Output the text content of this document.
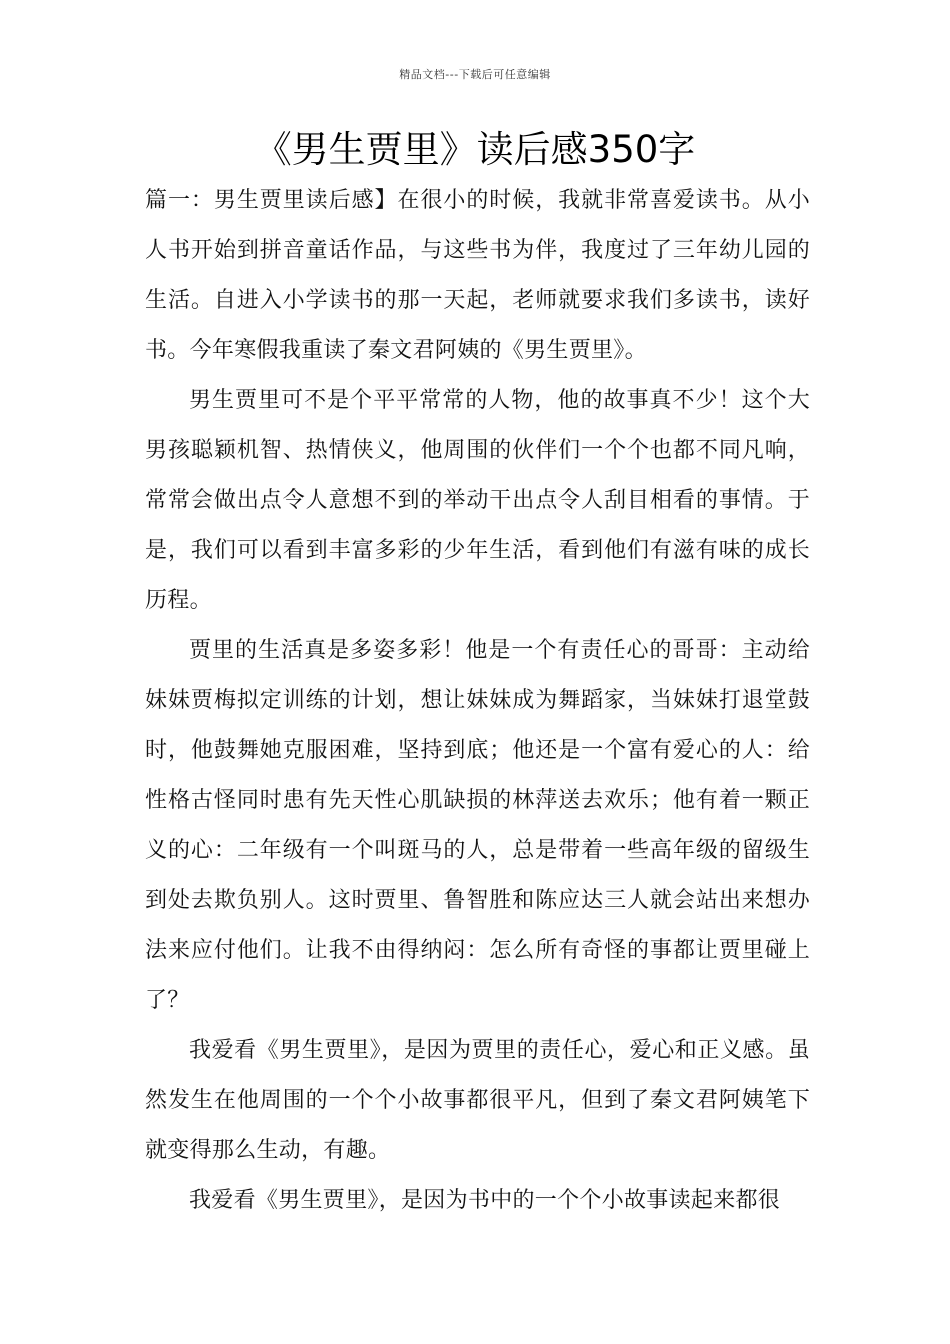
精品文档---下载后可任意编辑
《男生贾里》读后感350字

篇一：男生贾里读后感】在很小的时候，我就非常喜爱读书。从小人书开始到拼音童话作品，与这些书为伴，我度过了三年幼儿园的生活。自进入小学读书的那一天起，老师就要求我们多读书，读好书。今年寒假我重读了秦文君阿姨的《男生贾里》。

男生贾里可不是个平平常常的人物，他的故事真不少！这个大男孩聪颖机智、热情侠义，他周围的伙伴们一个个也都不同凡响，常常会做出点令人意想不到的举动干出点令人刮目相看的事情。于是，我们可以看到丰富多彩的少年生活，看到他们有滋有味的成长历程。

贾里的生活真是多姿多彩！他是一个有责任心的哥哥：主动给妹妹贾梅拟定训练的计划，想让妹妹成为舞蹈家，当妹妹打退堂鼓时，他鼓舞她克服困难，坚持到底；他还是一个富有爱心的人：给性格古怪同时患有先天性心肌缺损的林萍送去欢乐；他有着一颗正义的心：二年级有一个叫斑马的人，总是带着一些高年级的留级生到处去欺负别人。这时贾里、鲁智胜和陈应达三人就会站出来想办法来应付他们。让我不由得纳闷：怎么所有奇怪的事都让贾里碰上了？

我爱看《男生贾里》，是因为贾里的责任心，爱心和正义感。虽然发生在他周围的一个个小故事都很平凡，但到了秦文君阿姨笔下就变得那么生动，有趣。

我爱看《男生贾里》，是因为书中的一个个小故事读起来都很
